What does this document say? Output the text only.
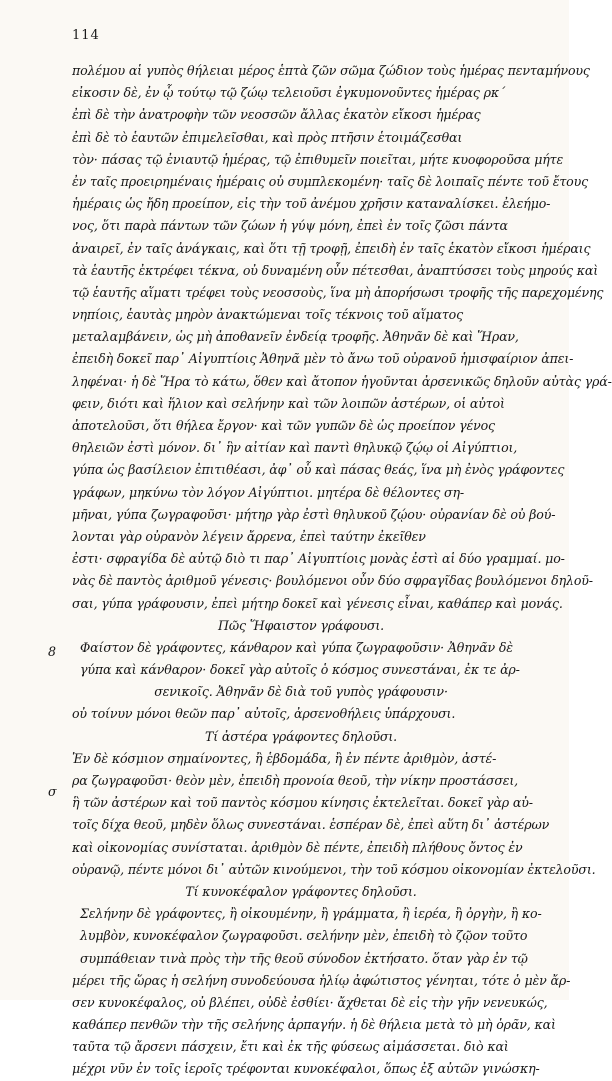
114
8
σ
πολέμου αἱ γυπὸς θήλειαι μέρος ἑπτὰ ζῶν σῶμα ζώδιον τοὺς ἡμέρας πενταμήνους
εἰκοσιν δὲ, ἐν ᾧ τούτῳ τῷ ζώῳ τελειοῦσι ἐγκυμονοῦντες ἡμέρας ρκ´
ἐπὶ δὲ τὴν ἀνατροφὴν τῶν νεοσσῶν ἄλλας ἑκατὸν εἴκοσι ἡμέρας
ἐπὶ δὲ τὸ ἑαυτῶν ἐπιμελεῖσθαι, καὶ πρὸς πτῆσιν ἑτοιμάζεσθαι
τὸν· πάσας τῷ ἐνιαυτῷ ἡμέρας, τῷ ἐπιθυμεῖν ποιεῖται, μήτε κυοφοροῦσα μήτε
ἐν ταῖς προειρημέναις ἡμέραις οὐ συμπλεκομένη· ταῖς δὲ λοιπαῖς πέντε τοῦ ἔτους
ἡμέραις ὡς ἤδη προείπον, εἰς τὴν τοῦ ἀνέμου χρῆσιν καταναλίσκει. ἐλεήμο-
νος, ὅτι παρὰ πάντων τῶν ζώων ἡ γύψ μόνη, ἐπεὶ ἐν τοῖς ζῶσι πάντα
ἀναιρεῖ, ἐν ταῖς ἀνάγκαις, καὶ ὅτι τῇ τροφῇ, ἐπειδὴ ἐν ταῖς ἑκατὸν εἴκοσι ἡμέραις
τὰ ἑαυτῆς ἐκτρέφει τέκνα, οὐ δυναμένη οὖν πέτεσθαι, ἀναπτύσσει τοὺς μηρούς καὶ
τῷ ἑαυτῆς αἵματι τρέφει τοὺς νεοσσοὺς, ἵνα μὴ ἀπορήσωσι τροφῆς τῆς παρεχομένης
νηπίοις, ἑαυτὰς μηρὸν ἀνακτώμεναι τοῖς τέκνοις τοῦ αἵματος
μεταλαμβάνειν, ὡς μὴ ἀποθανεῖν ἐνδείᾳ τροφῆς. Ἀθηνᾶν δὲ καὶ Ἥραν,
ἐπειδὴ δοκεῖ παρ᾽ Αἰγυπτίοις Ἀθηνᾶ μὲν τὸ ἄνω τοῦ οὐρανοῦ ἡμισφαίριον ἀπει-
ληφέναι· ἡ δὲ Ἥρα τὸ κάτω, ὅθεν καὶ ἄτοπον ἡγοῦνται ἀρσενικῶς δηλοῦν αὐτὰς γρά-
φειν, διότι καὶ ἥλιον καὶ σελήνην καὶ τῶν λοιπῶν ἀστέρων, οἱ αὐτοὶ
ἀποτελοῦσι, ὅτι θήλεα ἔργον· καὶ τῶν γυπῶν δὲ ὡς προείπον γένος
θηλειῶν ἐστὶ μόνον. δι᾽ ἣν αἰτίαν καὶ παντὶ θηλυκῷ ζῴῳ οἱ Αἰγύπτιοι,
γύπα ὡς βασίλειον ἐπιτιθέασι, ἀφ᾽ οὗ καὶ πάσας θεάς, ἵνα μὴ ἐνὸς γράφοντες
γράφων, μηκύνω τὸν λόγον Αἰγύπτιοι. μητέρα δὲ θέλοντες ση-
μῆναι, γύπα ζωγραφοῦσι· μήτηρ γὰρ ἐστὶ θηλυκοῦ ζῴου· οὐρανίαν δὲ οὐ βού-
λονται γὰρ οὐρανὸν λέγειν ἄρρενα, ἐπεὶ ταύτην ἐκεῖθεν
ἐστι· σφραγίδα δὲ αὐτῷ διὸ τι παρ᾽ Αἰγυπτίοις μονὰς ἐστὶ αἱ δύο γραμμαί. μο-
νὰς δὲ παντὸς ἀριθμοῦ γένεσις· βουλόμενοι οὖν δύο σφραγῖδας βουλόμενοι δηλοῦ-
σαι, γύπα γράφουσιν, ἐπεὶ μήτηρ δοκεῖ καὶ γένεσις εἶναι, καθάπερ καὶ μονάς.
Πῶς Ἥφαιστον γράφουσι.
Φαίστον δὲ γράφοντες, κάνθαρον καὶ γύπα ζωγραφοῦσιν· Ἀθηνᾶν δὲ
γύπα καὶ κάνθαρον· δοκεῖ γὰρ αὐτοῖς ὁ κόσμος συνεστάναι, ἐκ τε ἀρ-
σενικοῖς. Ἀθηνᾶν δὲ διὰ τοῦ γυπὸς γράφουσιν·
οὐ τοίνυν μόνοι θεῶν παρ᾽ αὐτοῖς, ἀρσενοθήλεις ὑπάρχουσι.
Τί ἀστέρα γράφοντες δηλοῦσι.
Ἐν δὲ κόσμιον σημαίνοντες, ἢ ἑβδομάδα, ἢ ἐν πέντε ἀριθμὸν, ἀστέ-
ρα ζωγραφοῦσι· θεὸν μὲν, ἐπειδὴ προνοία θεοῦ, τὴν νίκην προστάσσει,
ἣ τῶν ἀστέρων καὶ τοῦ παντὸς κόσμου κίνησις ἐκτελεῖται. δοκεῖ γὰρ αὐ-
τοῖς δίχα θεοῦ, μηδὲν ὅλως συνεστάναι. ἑσπέραν δὲ, ἐπεὶ αὕτη δι᾽ ἀστέρων
καὶ οἰκονομίας συνίσταται. ἀριθμὸν δὲ πέντε, ἐπειδὴ πλήθους ὄντος ἐν
οὐρανῷ, πέντε μόνοι δι᾽ αὐτῶν κινούμενοι, τὴν τοῦ κόσμου οἰκονομίαν ἐκτελοῦσι.
Τί κυνοκέφαλον γράφοντες δηλοῦσι.
Σελήνην δὲ γράφοντες, ἢ οἰκουμένην, ἢ γράμματα, ἢ ἱερέα, ἢ ὀργὴν, ἢ κο-
λυμβὸν, κυνοκέφαλον ζωγραφοῦσι. σελήνην μὲν, ἐπειδὴ τὸ ζῷον τοῦτο
συμπάθειαν τινὰ πρὸς τὴν τῆς θεοῦ σύνοδον ἐκτήσατο. ὅταν γὰρ ἐν τῷ
μέρει τῆς ὥρας ἡ σελήνη συνοδεύουσα ἡλίῳ ἀφώτιστος γένηται, τότε ὁ μὲν ἄρ-
σεν κυνοκέφαλος, οὐ βλέπει, οὐδὲ ἐσθίει· ἄχθεται δὲ εἰς τὴν γῆν νενευκώς,
καθάπερ πενθῶν τὴν τῆς σελήνης ἁρπαγήν. ἡ δὲ θήλεια μετὰ τὸ μὴ ὁρᾶν, καὶ
ταῦτα τῷ ἄρσενι πάσχειν, ἔτι καὶ ἐκ τῆς φύσεως αἱμάσσεται. διὸ καὶ
μέχρι νῦν ἐν τοῖς ἱεροῖς τρέφονται κυνοκέφαλοι, ὅπως ἐξ αὐτῶν γινώσκη-
